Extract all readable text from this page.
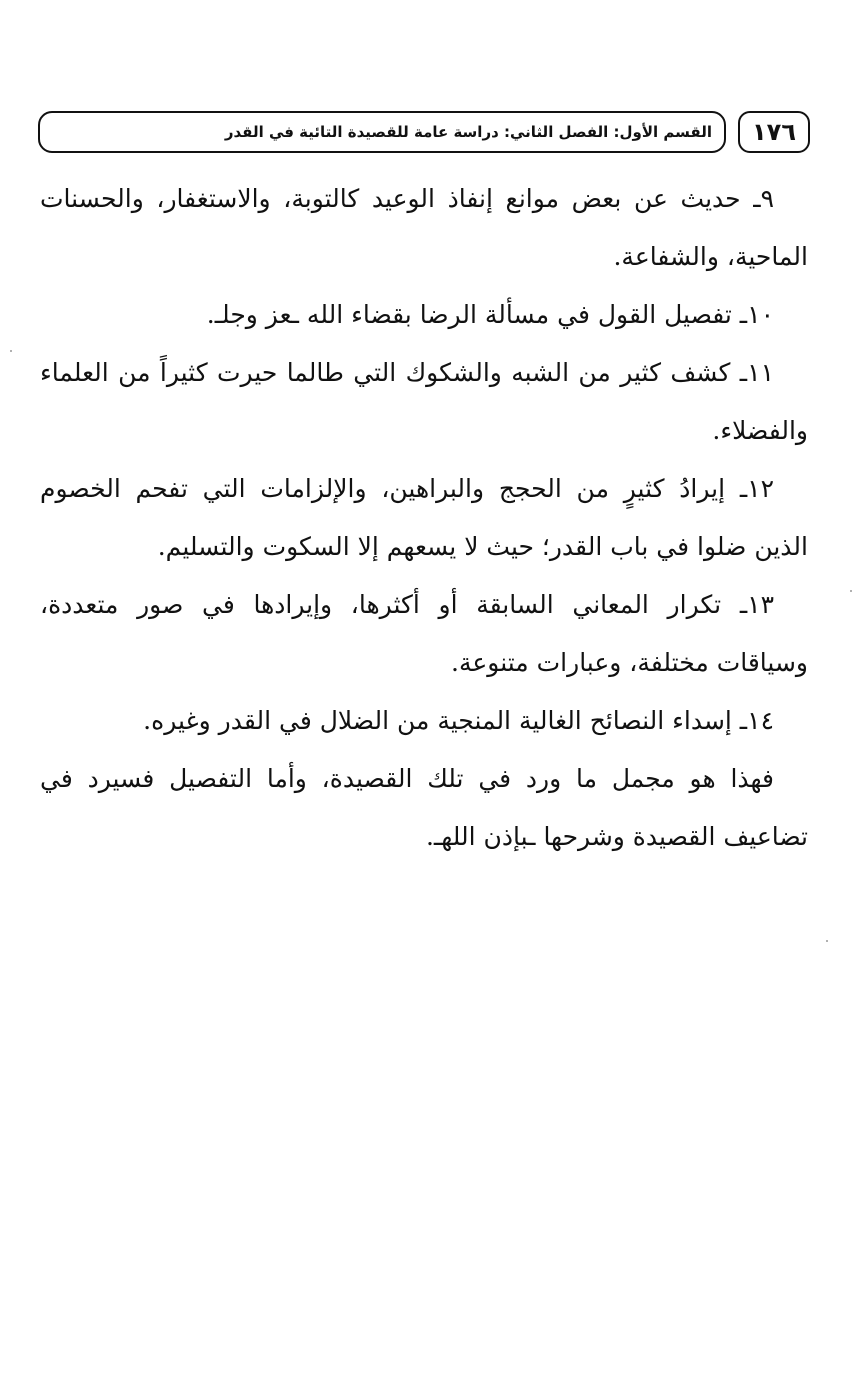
١٧٦
القسم الأول: الفصل الثاني: دراسة عامة للقصيدة التائية في القدر

٩ـ حديث عن بعض موانع إنفاذ الوعيد كالتوبة، والاستغفار، والحسنات الماحية، والشفاعة.

١٠ـ تفصيل القول في مسألة الرضا بقضاء الله ـعز وجلـ.

١١ـ كشف كثير من الشبه والشكوك التي طالما حيرت كثيراً من العلماء والفضلاء.

١٢ـ إيرادُ كثيرٍ من الحجج والبراهين، والإلزامات التي تفحم الخصوم الذين ضلوا في باب القدر؛ حيث لا يسعهم إلا السكوت والتسليم.

١٣ـ تكرار المعاني السابقة أو أكثرها، وإيرادها في صور متعددة، وسياقات مختلفة، وعبارات متنوعة.

١٤ـ إسداء النصائح الغالية المنجية من الضلال في القدر وغيره.

فهذا هو مجمل ما ورد في تلك القصيدة، وأما التفصيل فسيرد في تضاعيف القصيدة وشرحها ـبإذن اللهـ.
